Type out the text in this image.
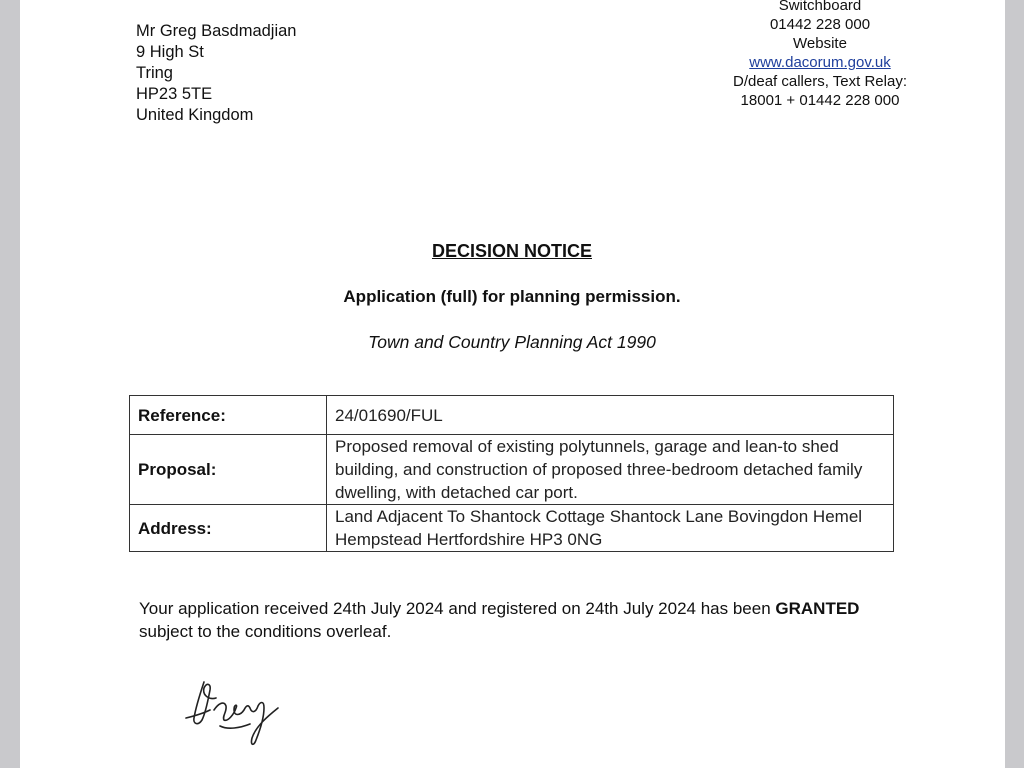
Mr Greg Basdmadjian
9 High St
Tring
HP23 5TE
United Kingdom
Switchboard
01442 228 000
Website
www.dacorum.gov.uk
D/deaf callers, Text Relay:
18001 + 01442 228 000
DECISION NOTICE
Application (full) for planning permission.
Town and Country Planning Act 1990
Reference:	24/01690/FUL
Proposal:	Proposed removal of existing polytunnels, garage and lean-to shed building, and construction of proposed three-bedroom detached family dwelling, with detached car port.
Address:	Land Adjacent To Shantock Cottage Shantock Lane Bovingdon Hemel Hempstead Hertfordshire HP3 0NG
Your application received 24th July 2024 and registered on 24th July 2024 has been GRANTED subject to the conditions overleaf.
